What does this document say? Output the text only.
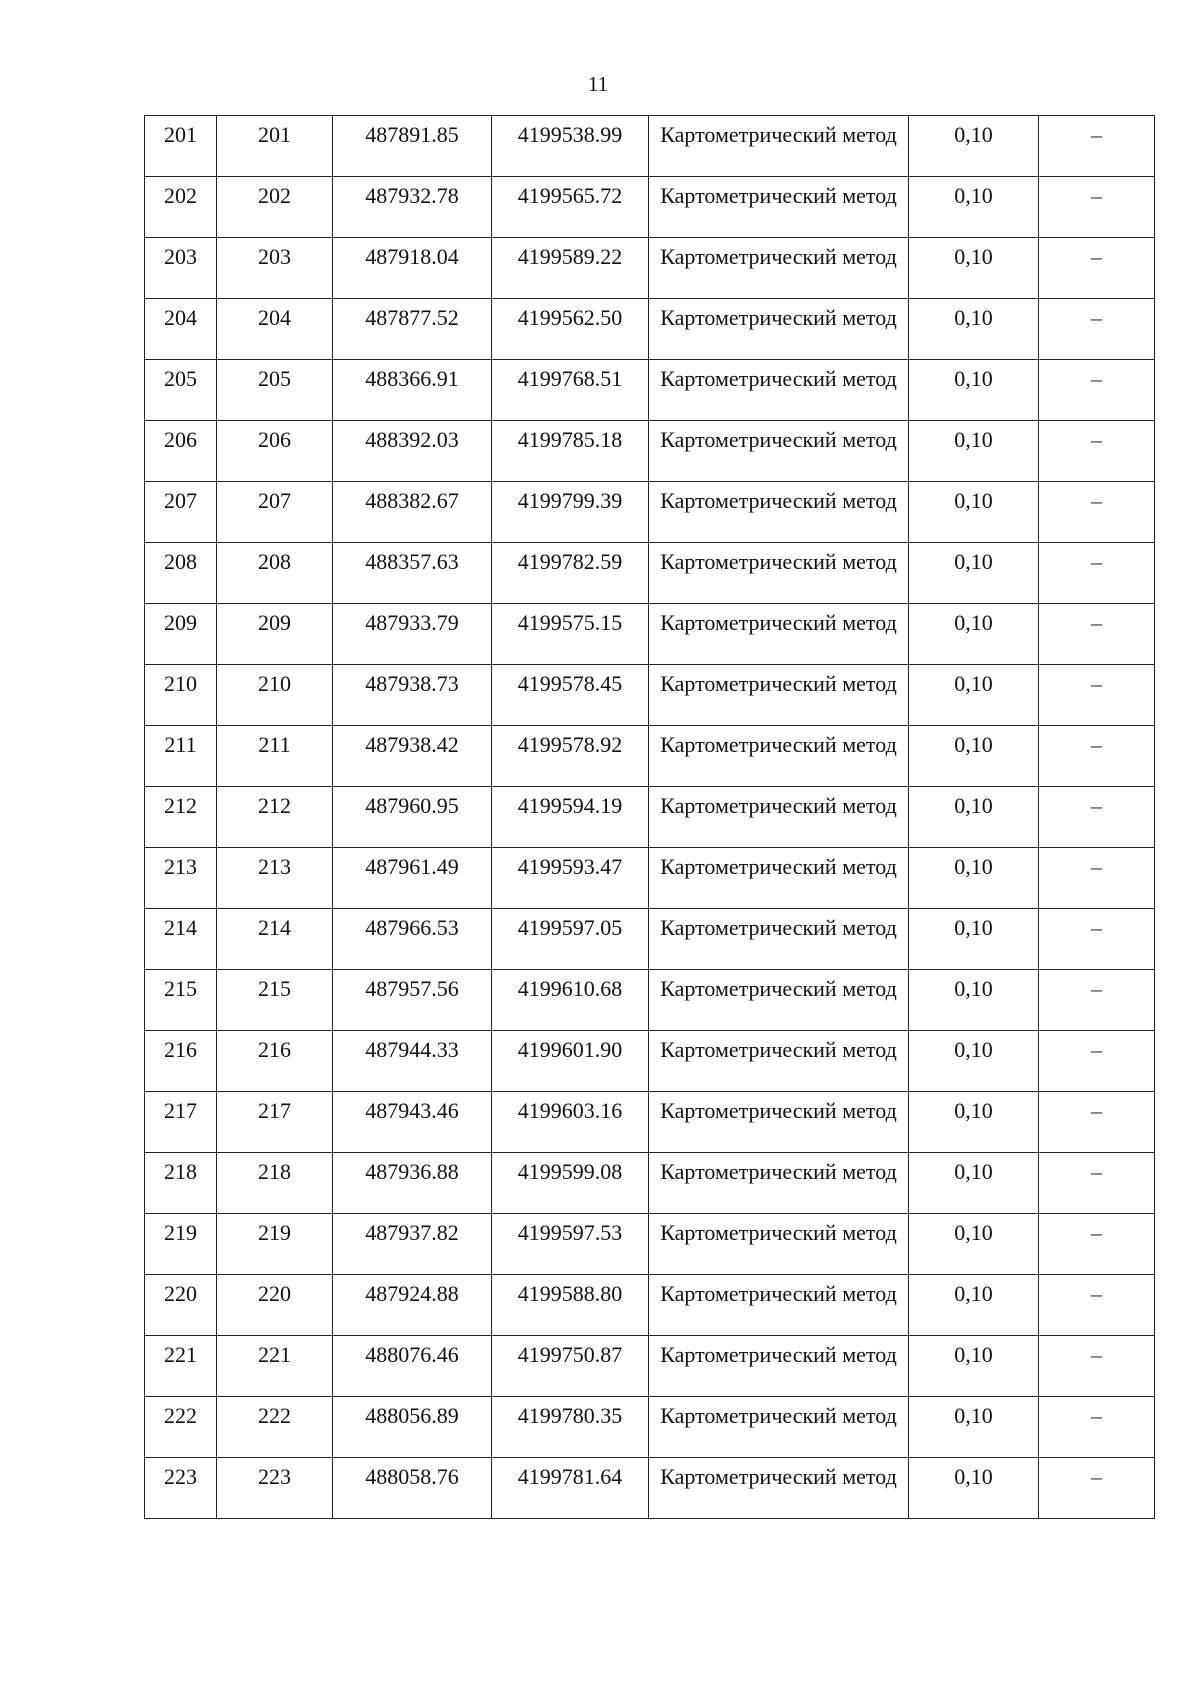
11
201	201	487891.85	4199538.99	Картометрический метод	0,10	–
202	202	487932.78	4199565.72	Картометрический метод	0,10	–
203	203	487918.04	4199589.22	Картометрический метод	0,10	–
204	204	487877.52	4199562.50	Картометрический метод	0,10	–
205	205	488366.91	4199768.51	Картометрический метод	0,10	–
206	206	488392.03	4199785.18	Картометрический метод	0,10	–
207	207	488382.67	4199799.39	Картометрический метод	0,10	–
208	208	488357.63	4199782.59	Картометрический метод	0,10	–
209	209	487933.79	4199575.15	Картометрический метод	0,10	–
210	210	487938.73	4199578.45	Картометрический метод	0,10	–
211	211	487938.42	4199578.92	Картометрический метод	0,10	–
212	212	487960.95	4199594.19	Картометрический метод	0,10	–
213	213	487961.49	4199593.47	Картометрический метод	0,10	–
214	214	487966.53	4199597.05	Картометрический метод	0,10	–
215	215	487957.56	4199610.68	Картометрический метод	0,10	–
216	216	487944.33	4199601.90	Картометрический метод	0,10	–
217	217	487943.46	4199603.16	Картометрический метод	0,10	–
218	218	487936.88	4199599.08	Картометрический метод	0,10	–
219	219	487937.82	4199597.53	Картометрический метод	0,10	–
220	220	487924.88	4199588.80	Картометрический метод	0,10	–
221	221	488076.46	4199750.87	Картометрический метод	0,10	–
222	222	488056.89	4199780.35	Картометрический метод	0,10	–
223	223	488058.76	4199781.64	Картометрический метод	0,10	–
